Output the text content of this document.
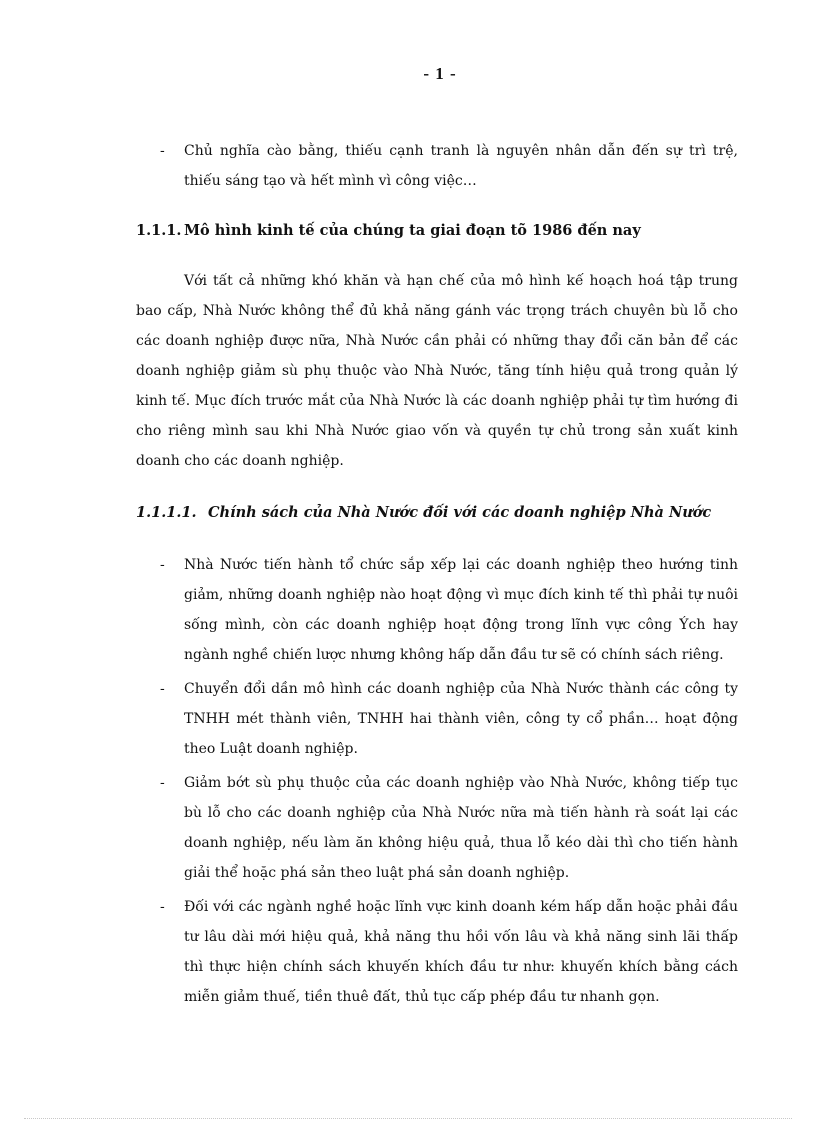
- 1 -
- Chủ nghĩa cào bằng, thiếu cạnh tranh là nguyên nhân dẫn đến sự trì trệ, thiếu sáng tạo và hết mình vì công việc…
1.1.1. Mô hình kinh tế của chúng ta giai đoạn tõ 1986 đến nay
Với tất cả những khó khăn và hạn chế của mô hình kế hoạch hoá tập trung bao cấp, Nhà Nước không thể đủ khả năng gánh vác trọng trách chuyên bù lỗ cho các doanh nghiệp được nữa, Nhà Nước cần phải có những thay đổi căn bản để các doanh nghiệp giảm sù phụ thuộc vào Nhà Nước, tăng tính hiệu quả trong quản lý kinh tế. Mục đích trước mắt của Nhà Nước là các doanh nghiệp phải tự tìm hướng đi cho riêng mình sau khi Nhà Nước giao vốn và quyền tự chủ trong sản xuất kinh doanh cho các doanh nghiệp.
1.1.1.1. Chính sách của Nhà Nước đối với các doanh nghiệp Nhà Nước
- Nhà Nước tiến hành tổ chức sắp xếp lại các doanh nghiệp theo hướng tinh giảm, những doanh nghiệp nào hoạt động vì mục đích kinh tế thì phải tự nuôi sống mình, còn các doanh nghiệp hoạt động trong lĩnh vực công Ých hay ngành nghề chiến lược nhưng không hấp dẫn đầu tư sẽ có chính sách riêng.
- Chuyển đổi dần mô hình các doanh nghiệp của Nhà Nước thành các công ty TNHH mét thành viên, TNHH hai thành viên, công ty cổ phần… hoạt động theo Luật doanh nghiệp.
- Giảm bớt sù phụ thuộc của các doanh nghiệp vào Nhà Nước, không tiếp tục bù lỗ cho các doanh nghiệp của Nhà Nước nữa mà tiến hành rà soát lại các doanh nghiệp, nếu làm ăn không hiệu quả, thua lỗ kéo dài thì cho tiến hành giải thể hoặc phá sản theo luật phá sản doanh nghiệp.
- Đối với các ngành nghề hoặc lĩnh vực kinh doanh kém hấp dẫn hoặc phải đầu tư lâu dài mới hiệu quả, khả năng thu hồi vốn lâu và khả năng sinh lãi thấp thì thực hiện chính sách khuyến khích đầu tư như: khuyến khích bằng cách miễn giảm thuế, tiền thuê đất, thủ tục cấp phép đầu tư nhanh gọn.
